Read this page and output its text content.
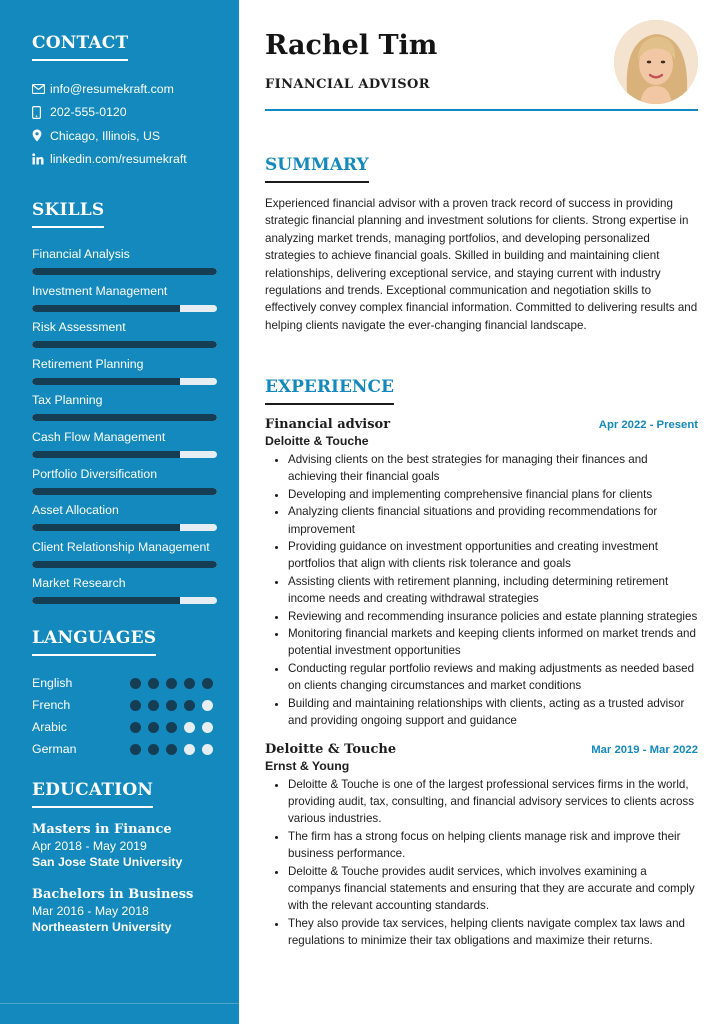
CONTACT
info@resumekraft.com
202-555-0120
Chicago, Illinois, US
linkedin.com/resumekraft
SKILLS
Financial Analysis
Investment Management
Risk Assessment
Retirement Planning
Tax Planning
Cash Flow Management
Portfolio Diversification
Asset Allocation
Client Relationship Management
Market Research
LANGUAGES
English
French
Arabic
German
EDUCATION
Masters in Finance
Apr 2018 - May 2019
San Jose State University
Bachelors in Business
Mar 2016 - May 2018
Northeastern University
Rachel Tim
FINANCIAL ADVISOR
SUMMARY

Experienced financial advisor with a proven track record of success in providing strategic financial planning and investment solutions for clients. Strong expertise in analyzing market trends, managing portfolios, and developing personalized strategies to achieve financial goals. Skilled in building and maintaining client relationships, delivering exceptional service, and staying current with industry regulations and trends. Exceptional communication and negotiation skills to effectively convey complex financial information. Committed to delivering results and helping clients navigate the ever-changing financial landscape.

EXPERIENCE
Financial advisor	Apr 2022 - Present
Deloitte & Touche
• Advising clients on the best strategies for managing their finances and achieving their financial goals
• Developing and implementing comprehensive financial plans for clients
• Analyzing clients financial situations and providing recommendations for improvement
• Providing guidance on investment opportunities and creating investment portfolios that align with clients risk tolerance and goals
• Assisting clients with retirement planning, including determining retirement income needs and creating withdrawal strategies
• Reviewing and recommending insurance policies and estate planning strategies
• Monitoring financial markets and keeping clients informed on market trends and potential investment opportunities
• Conducting regular portfolio reviews and making adjustments as needed based on clients changing circumstances and market conditions
• Building and maintaining relationships with clients, acting as a trusted advisor and providing ongoing support and guidance
Deloitte & Touche	Mar 2019 - Mar 2022
Ernst & Young
• Deloitte & Touche is one of the largest professional services firms in the world, providing audit, tax, consulting, and financial advisory services to clients across various industries.
• The firm has a strong focus on helping clients manage risk and improve their business performance.
• Deloitte & Touche provides audit services, which involves examining a companys financial statements and ensuring that they are accurate and comply with the relevant accounting standards.
• They also provide tax services, helping clients navigate complex tax laws and regulations to minimize their tax obligations and maximize their returns.
